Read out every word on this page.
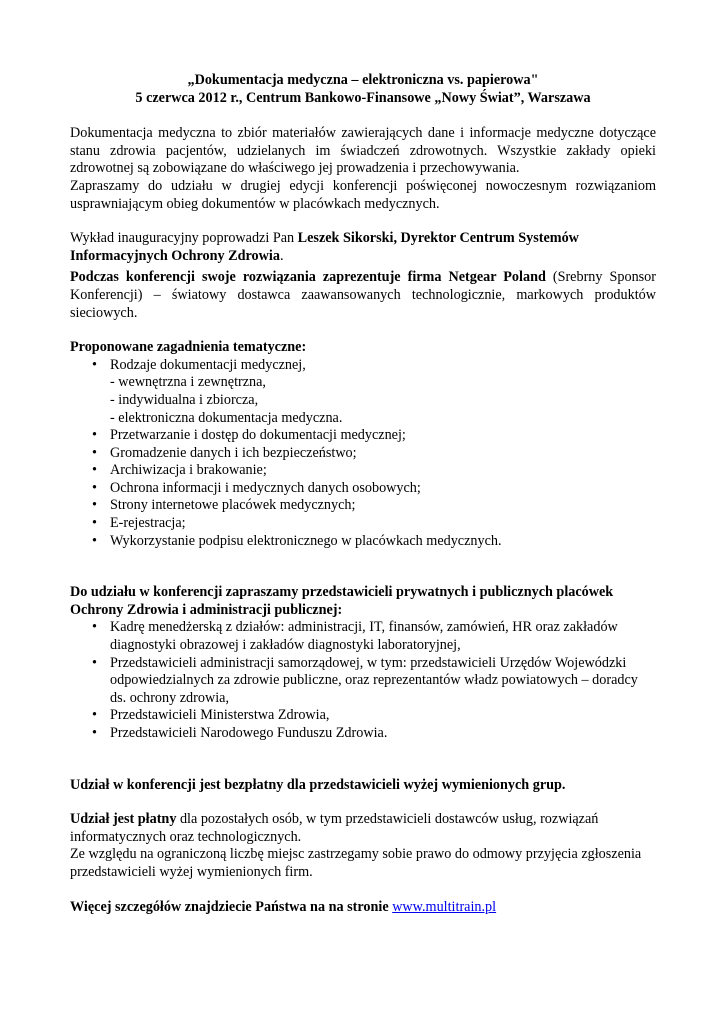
„Dokumentacja medyczna – elektroniczna vs. papierowa"

5 czerwca 2012 r., Centrum Bankowo-Finansowe „Nowy Świat”, Warszawa

Dokumentacja medyczna to zbiór materiałów zawierających dane i informacje medyczne dotyczące stanu zdrowia pacjentów, udzielanych im świadczeń zdrowotnych. Wszystkie zakłady opieki zdrowotnej są zobowiązane do właściwego jej prowadzenia i przechowywania.

Zapraszamy do udziału w drugiej edycji konferencji poświęconej nowoczesnym rozwiązaniom usprawniającym obieg dokumentów w placówkach medycznych.

Wykład inauguracyjny poprowadzi Pan Leszek Sikorski, Dyrektor Centrum Systemów Informacyjnych Ochrony Zdrowia.

Podczas konferencji swoje rozwiązania zaprezentuje firma Netgear Poland (Srebrny Sponsor Konferencji) – światowy dostawca zaawansowanych technologicznie, markowych produktów sieciowych.

Proponowane zagadnienia tematyczne:

• Rodzaje dokumentacji medycznej,
- wewnętrzna i zewnętrzna,
- indywidualna i zbiorcza,
- elektroniczna dokumentacja medyczna.
• Przetwarzanie i dostęp do dokumentacji medycznej;
• Gromadzenie danych i ich bezpieczeństwo;
• Archiwizacja i brakowanie;
• Ochrona informacji i medycznych danych osobowych;
• Strony internetowe placówek medycznych;
• E-rejestracja;
• Wykorzystanie podpisu elektronicznego w placówkach medycznych.

Do udziału w konferencji zapraszamy przedstawicieli prywatnych i publicznych placówek Ochrony Zdrowia i administracji publicznej:

• Kadrę menedżerską z działów: administracji, IT, finansów, zamówień, HR oraz zakładów diagnostyki obrazowej i zakładów diagnostyki laboratoryjnej,
• Przedstawicieli administracji samorządowej, w tym: przedstawicieli Urzędów Wojewódzki odpowiedzialnych za zdrowie publiczne, oraz reprezentantów władz powiatowych – doradcy ds. ochrony zdrowia,
• Przedstawicieli Ministerstwa Zdrowia,
• Przedstawicieli Narodowego Funduszu Zdrowia.

Udział w konferencji jest bezpłatny dla przedstawicieli wyżej wymienionych grup.

Udział jest płatny dla pozostałych osób, w tym przedstawicieli dostawców usług, rozwiązań informatycznych oraz technologicznych.

Ze względu na ograniczoną liczbę miejsc zastrzegamy sobie prawo do odmowy przyjęcia zgłoszenia przedstawicieli wyżej wymienionych firm.

Więcej szczegółów znajdziecie Państwa na na stronie www.multitrain.pl
